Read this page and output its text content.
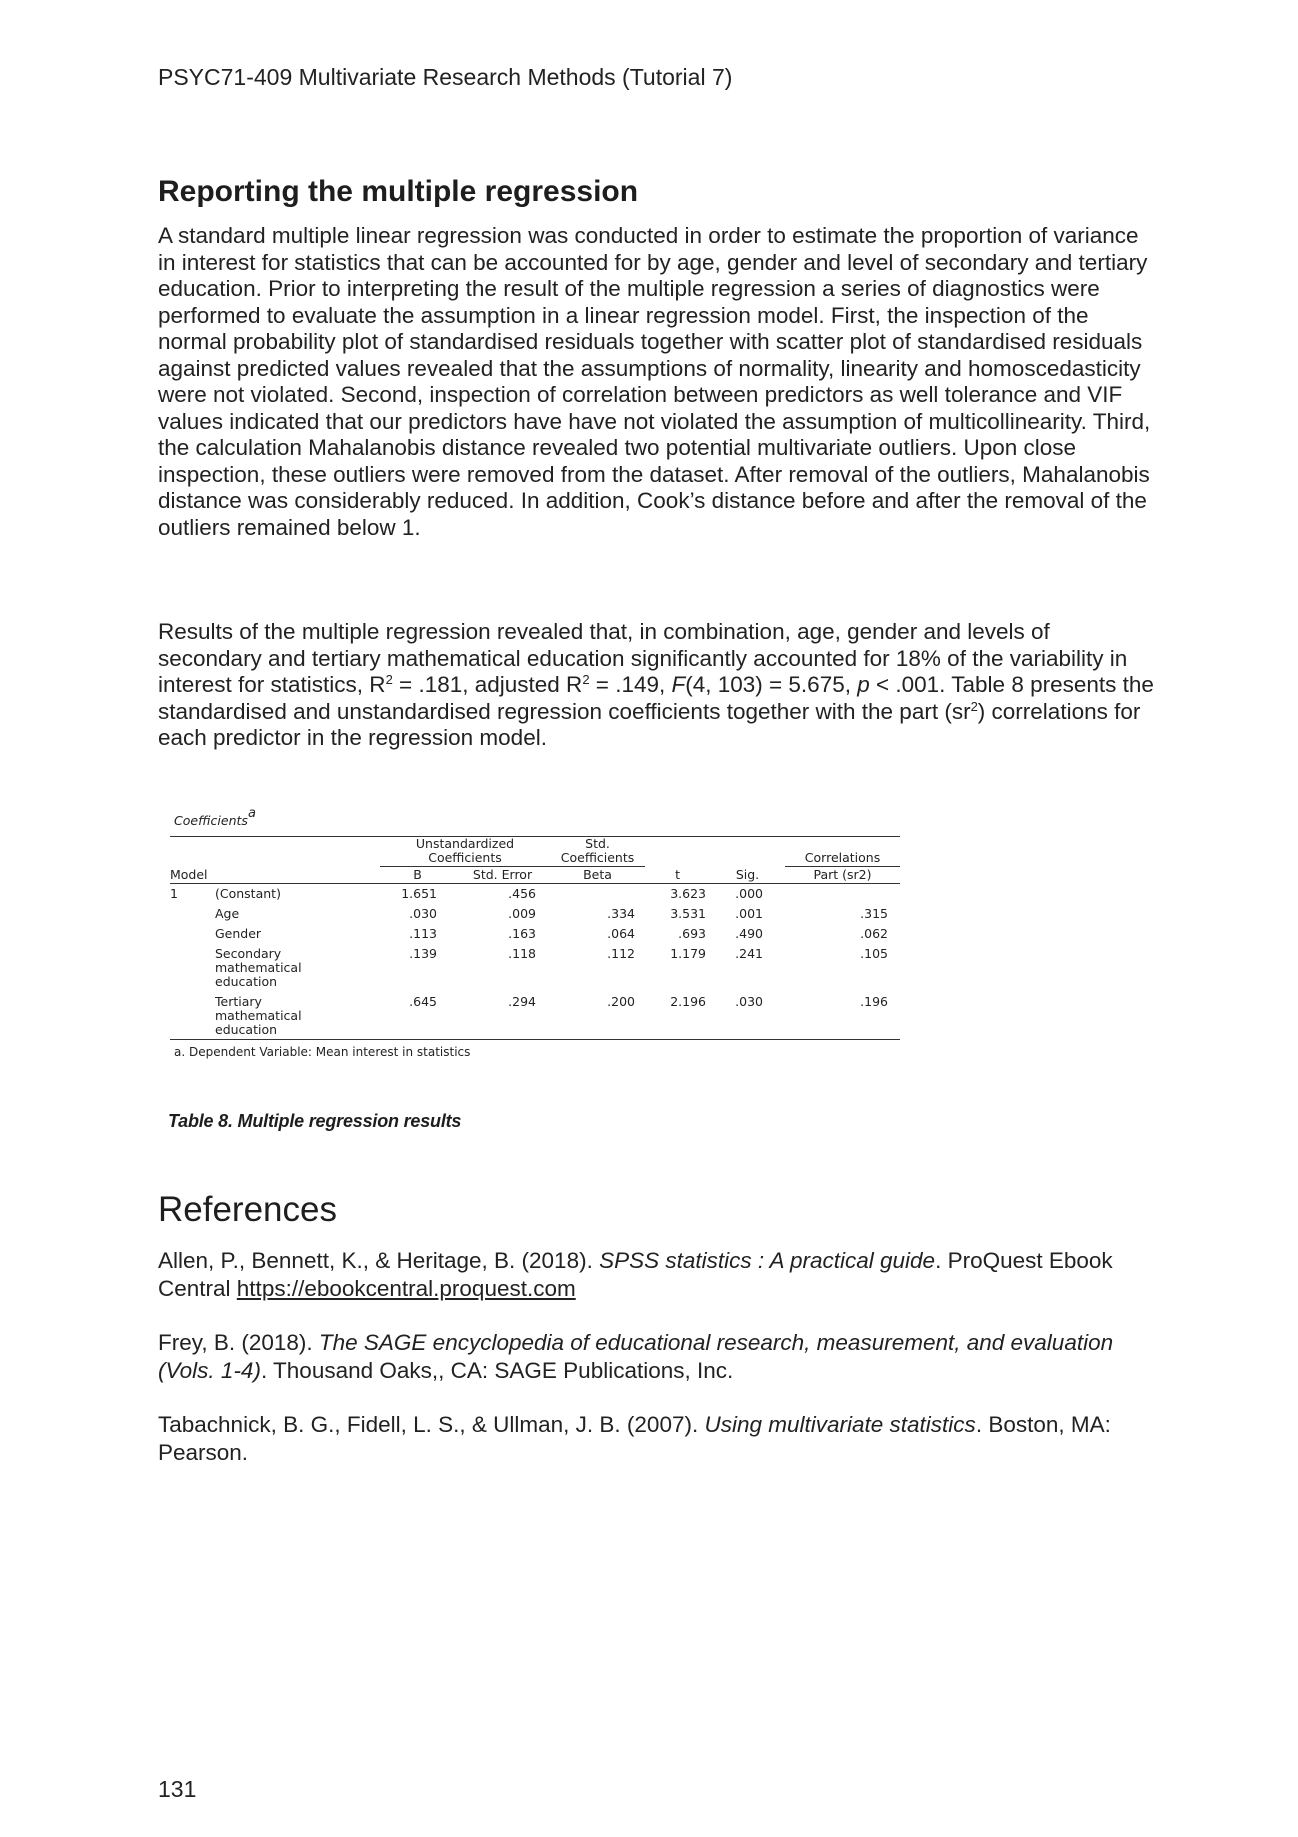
PSYC71-409 Multivariate Research Methods (Tutorial 7)
Reporting the multiple regression

A standard multiple linear regression was conducted in order to estimate the proportion of variance in interest for statistics that can be accounted for by age, gender and level of secondary and tertiary education. Prior to interpreting the result of the multiple regression a series of diagnostics were performed to evaluate the assumption in a linear regression model. First, the inspection of the normal probability plot of standardised residuals together with scatter plot of standardised residuals against predicted values revealed that the assumptions of normality, linearity and homoscedasticity were not violated. Second, inspection of correlation between predictors as well tolerance and VIF values indicated that our predictors have have not violated the assumption of multicollinearity. Third, the calculation Mahalanobis distance revealed two potential multivariate outliers. Upon close inspection, these outliers were removed from the dataset. After removal of the outliers, Mahalanobis distance was considerably reduced. In addition, Cook’s distance before and after the removal of the outliers remained below 1.

Results of the multiple regression revealed that, in combination, age, gender and levels of secondary and tertiary mathematical education significantly accounted for 18% of the variability in interest for statistics, $R^2 = .181$, adjusted $R^2 = .149$, F(4, 103) = 5.675, p < .001. Table 8 presents the standardised and unstandardised regression coefficients together with the part $(sr^2)$ correlations for each predictor in the regression model.

Coefficients$^a$
		Unstandardized Coefficients		Std. Coefficients			Correlations
Model		B	Std. Error	Beta	t	Sig.	Part (sr2)
1	(Constant)	1.651	.456		3.623	.000	
	Age	.030	.009	.334	3.531	.001	.315
	Gender	.113	.163	.064	.693	.490	.062

	Secondary mathematical education	.139	.118	.112	1.179	.241	.105

	Tertiary mathematical education	.645	.294	.200	2.196	.030	.196
a. Dependent Variable: Mean interest in statistics
Table 8. Multiple regression results
References

Allen, P., Bennett, K., & Heritage, B. (2018). SPSS statistics : A practical guide. ProQuest Ebook Central https://ebookcentral.proquest.com

Frey, B. (2018). The SAGE encyclopedia of educational research, measurement, and evaluation (Vols. 1-4). Thousand Oaks,, CA: SAGE Publications, Inc.

Tabachnick, B. G., Fidell, L. S., & Ullman, J. B. (2007). Using multivariate statistics. Boston, MA: Pearson.

131
